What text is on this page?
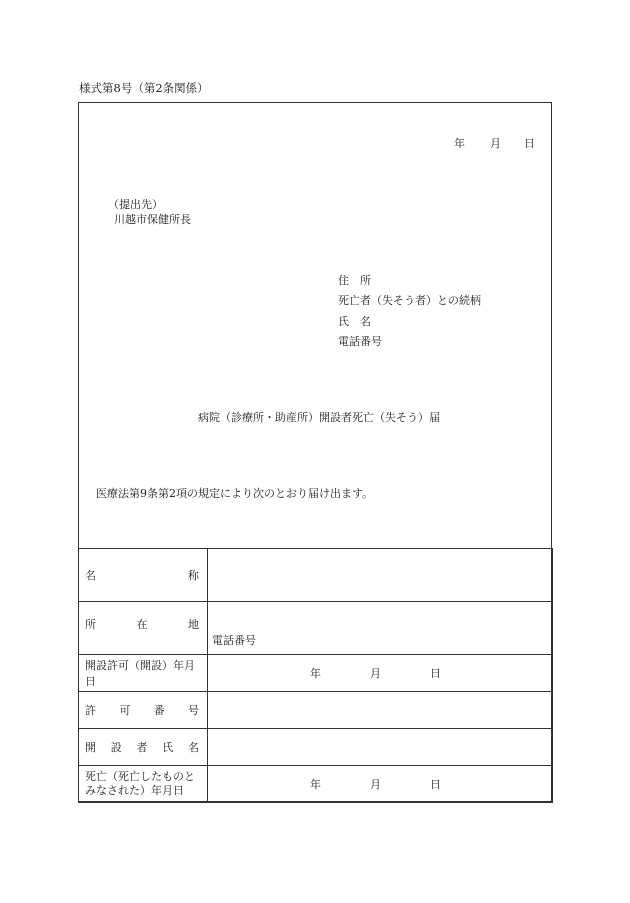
様式第8号（第2条関係）
年 月 日
（提出先）
川越市保健所長
住　所
死亡者（失そう者）との続柄
氏　名
電話番号
病院（診療所・助産所）開設者死亡（失そう）届
医療法第9条第2項の規定により次のとおり届け出ます。
名 称	

所 在 地	電話番号

開設許可（開設）年月日	年 月 日

許 可 番 号	

開 設 者 氏 名	

死亡（死亡したものとみなされた）年月日	年 月 日
